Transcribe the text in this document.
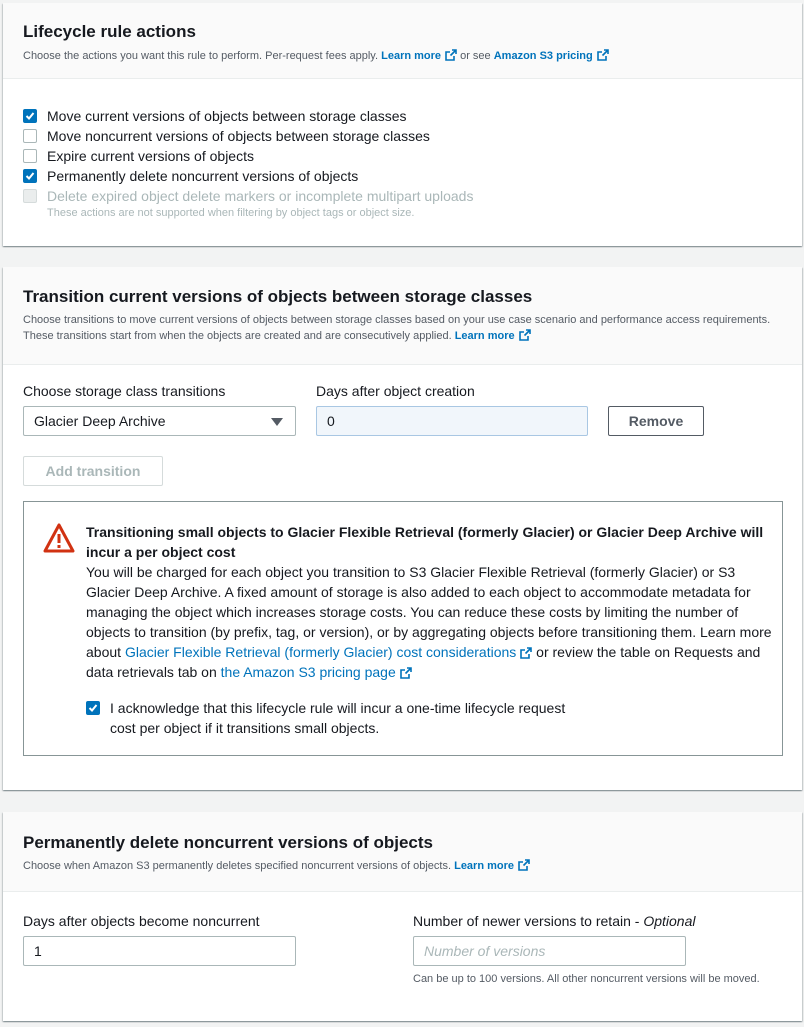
Lifecycle rule actions
Choose the actions you want this rule to perform. Per-request fees apply. Learn more or see Amazon S3 pricing
Move current versions of objects between storage classes
Move noncurrent versions of objects between storage classes
Expire current versions of objects
Permanently delete noncurrent versions of objects
Delete expired object delete markers or incomplete multipart uploads
These actions are not supported when filtering by object tags or object size.
Transition current versions of objects between storage classes
Choose transitions to move current versions of objects between storage classes based on your use case scenario and performance access requirements. These transitions start from when the objects are created and are consecutively applied. Learn more
Choose storage class transitions
Glacier Deep Archive
Days after object creation
0
Remove
Add transition
Transitioning small objects to Glacier Flexible Retrieval (formerly Glacier) or Glacier Deep Archive will incur a per object cost
You will be charged for each object you transition to S3 Glacier Flexible Retrieval (formerly Glacier) or S3 Glacier Deep Archive. A fixed amount of storage is also added to each object to accommodate metadata for managing the object which increases storage costs. You can reduce these costs by limiting the number of objects to transition (by prefix, tag, or version), or by aggregating objects before transitioning them. Learn more about Glacier Flexible Retrieval (formerly Glacier) cost considerations or review the table on Requests and data retrievals tab on the Amazon S3 pricing page
I acknowledge that this lifecycle rule will incur a one-time lifecycle request cost per object if it transitions small objects.
Permanently delete noncurrent versions of objects
Choose when Amazon S3 permanently deletes specified noncurrent versions of objects. Learn more
Days after objects become noncurrent
1	Number of newer versions to retain - Optional
Number of versions
Can be up to 100 versions. All other noncurrent versions will be moved.
